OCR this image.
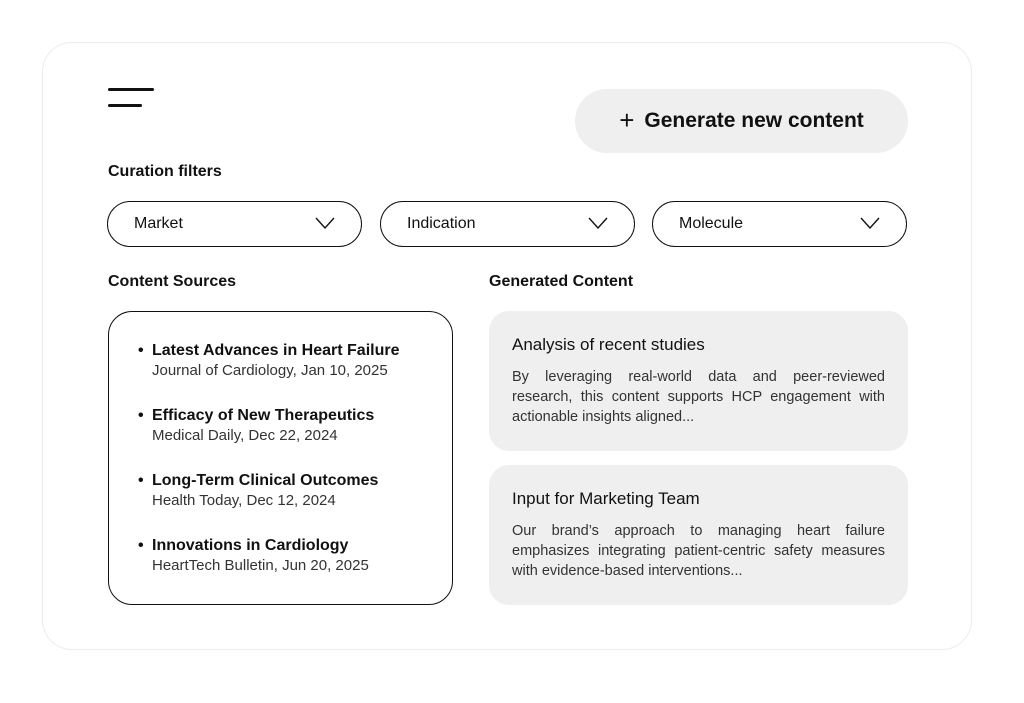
+ Generate new content
Curation filters
Market	Indication	Molecule
Content Sources	Generated Content
• Latest Advances in Heart Failure
Journal of Cardiology, Jan 10, 2025
• Efficacy of New Therapeutics
Medical Daily, Dec 22, 2024
• Long-Term Clinical Outcomes
Health Today, Dec 12, 2024
• Innovations in Cardiology
HeartTech Bulletin, Jun 20, 2025
Analysis of recent studies
By leveraging real-world data and peer-reviewed research, this content supports HCP engagement with actionable insights aligned...
Input for Marketing Team
Our brand’s approach to managing heart failure emphasizes integrating patient-centric safety measures with evidence-based interventions...
